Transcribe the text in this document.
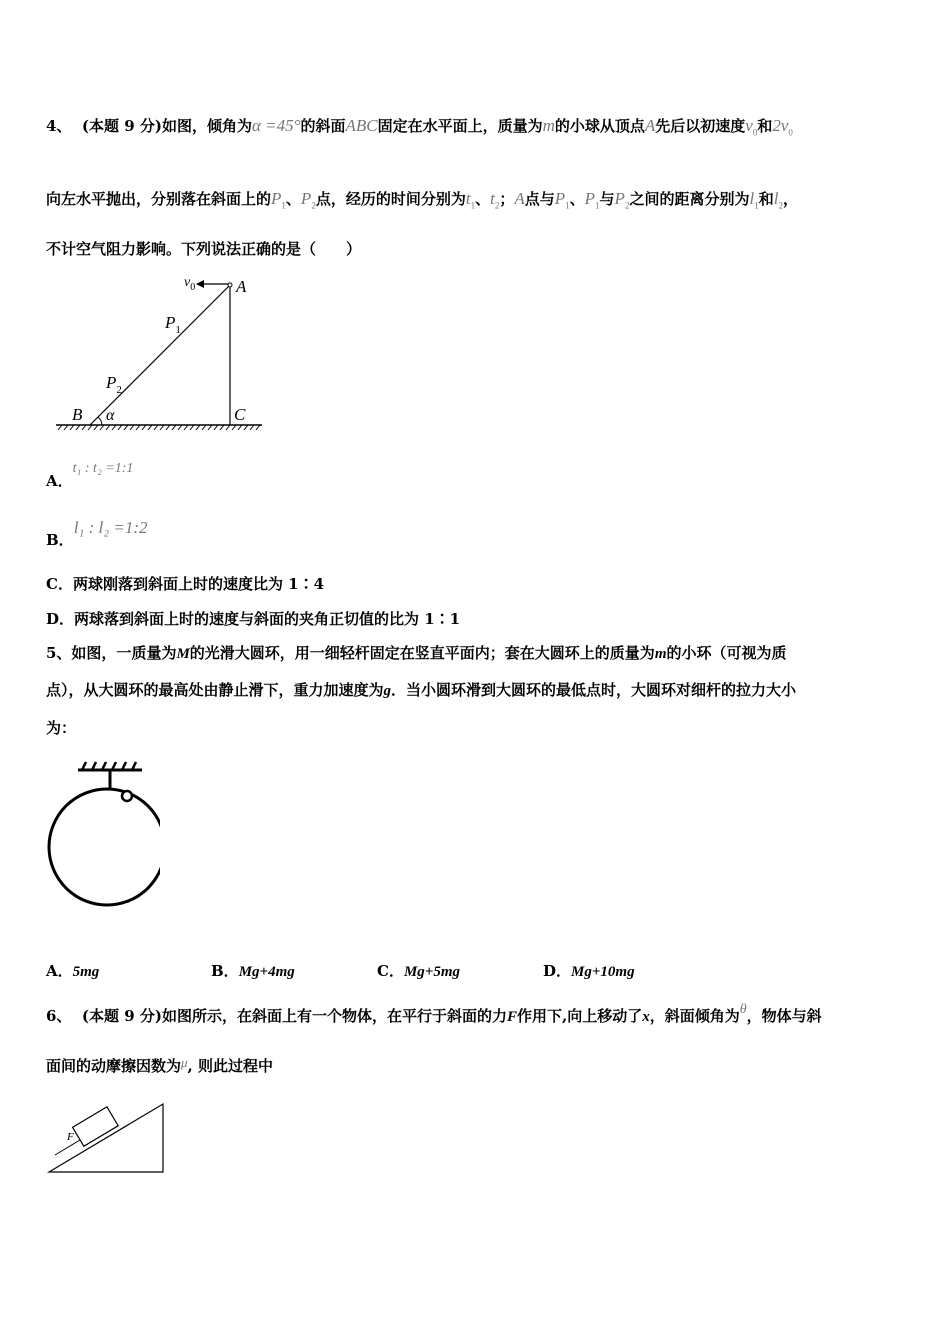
4、 (本题 9 分)如图，倾角为α =45°的斜面ABC固定在水平面上，质量为m的小球从顶点A先后以初速度$v_0$和$2v_0$
向左水平抛出，分别落在斜面上的$P_1$、$P_2$点，经历的时间分别为$t_1$、$t_2$；A点与$P_1$、$P_1$与$P_2$之间的距离分别为$l_1$和$l_2$，
不计空气阻力影响。下列说法正确的是（　　）
$v_0$ A
$P_1$
$P_2$
B α	C
A．t₁ : t₂ =1:1
B．l₁ : l₂ =1:2
C．两球刚落到斜面上时的速度比为 1∶4
D．两球落到斜面上时的速度与斜面的夹角正切值的比为 1∶1
5、如图，一质量为M的光滑大圆环，用一细轻杆固定在竖直平面内；套在大圆环上的质量为m的小环（可视为质
点），从大圆环的最高处由静止滑下，重力加速度为g．当小圆环滑到大圆环的最低点时，大圆环对细杆的拉力大小
为：
A．5mg	B．Mg+4mg	C．Mg+5mg	D．Mg+10mg
6、 (本题 9 分)如图所示，在斜面上有一个物体，在平行于斜面的力F作用下,向上移动了x，斜面倾角为θ，物体与斜
面间的动摩擦因数为μ, 则此过程中
F
